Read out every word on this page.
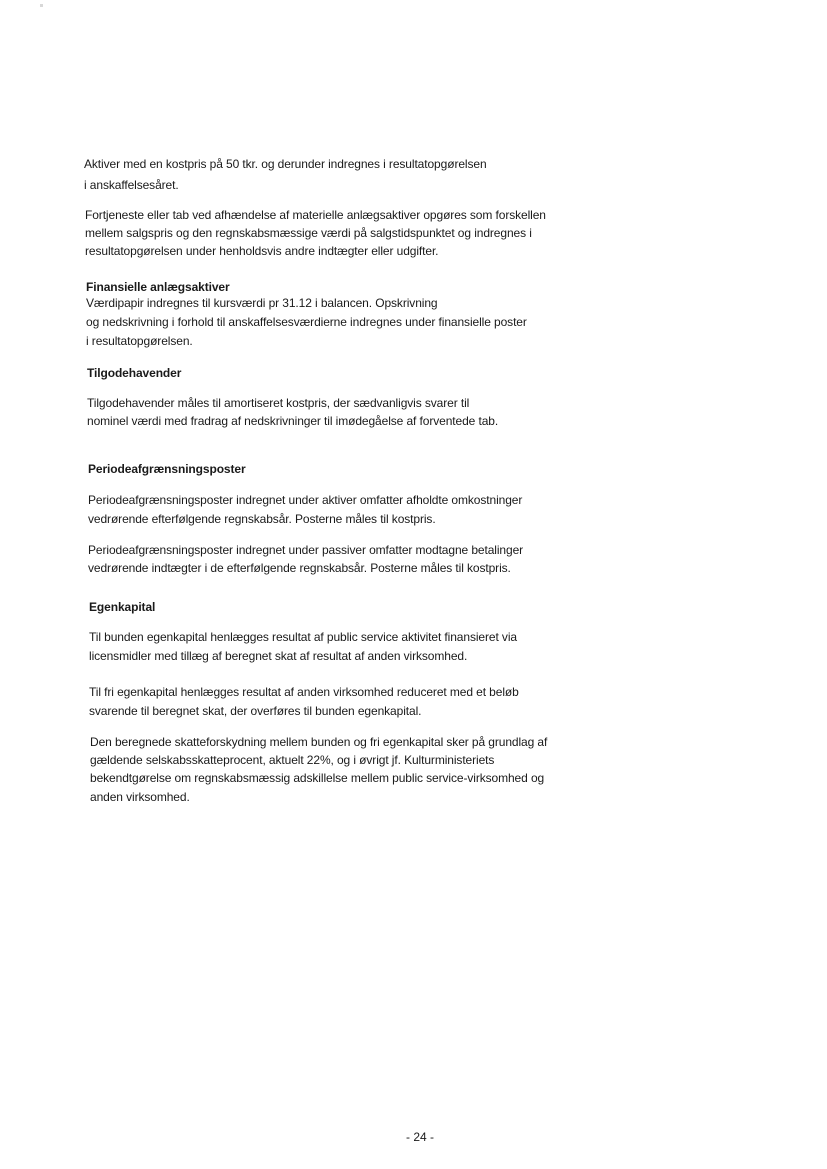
Aktiver med en kostpris på 50 tkr. og derunder indregnes i resultatopgørelsen
i anskaffelsesåret.
Fortjeneste eller tab ved afhændelse af materielle anlægsaktiver opgøres som forskellen
mellem salgspris og den regnskabsmæssige værdi på salgstidspunktet og indregnes i
resultatopgørelsen under henholdsvis andre indtægter eller udgifter.
Finansielle anlægsaktiver
Værdipapir indregnes til kursværdi pr 31.12 i balancen. Opskrivning
og nedskrivning i forhold til anskaffelsesværdierne indregnes under finansielle poster
i resultatopgørelsen.
Tilgodehavender
Tilgodehavender måles til amortiseret kostpris, der sædvanligvis svarer til
nominel værdi med fradrag af nedskrivninger til imødegåelse af forventede tab.
Periodeafgrænsningsposter
Periodeafgrænsningsposter indregnet under aktiver omfatter afholdte omkostninger
vedrørende efterfølgende regnskabsår. Posterne måles til kostpris.
Periodeafgrænsningsposter indregnet under passiver omfatter modtagne betalinger
vedrørende indtægter i de efterfølgende regnskabsår. Posterne måles til kostpris.
Egenkapital
Til bunden egenkapital henlægges resultat af public service aktivitet finansieret via
licensmidler med tillæg af beregnet skat af resultat af anden virksomhed.
Til fri egenkapital henlægges resultat af anden virksomhed reduceret med et beløb
svarende til beregnet skat, der overføres til bunden egenkapital.
Den beregnede skatteforskydning mellem bunden og fri egenkapital sker på grundlag af
gældende selskabsskatteprocent, aktuelt 22%, og i øvrigt jf. Kulturministeriets
bekendtgørelse om regnskabsmæssig adskillelse mellem public service-virksomhed og
anden virksomhed.
- 24 -
